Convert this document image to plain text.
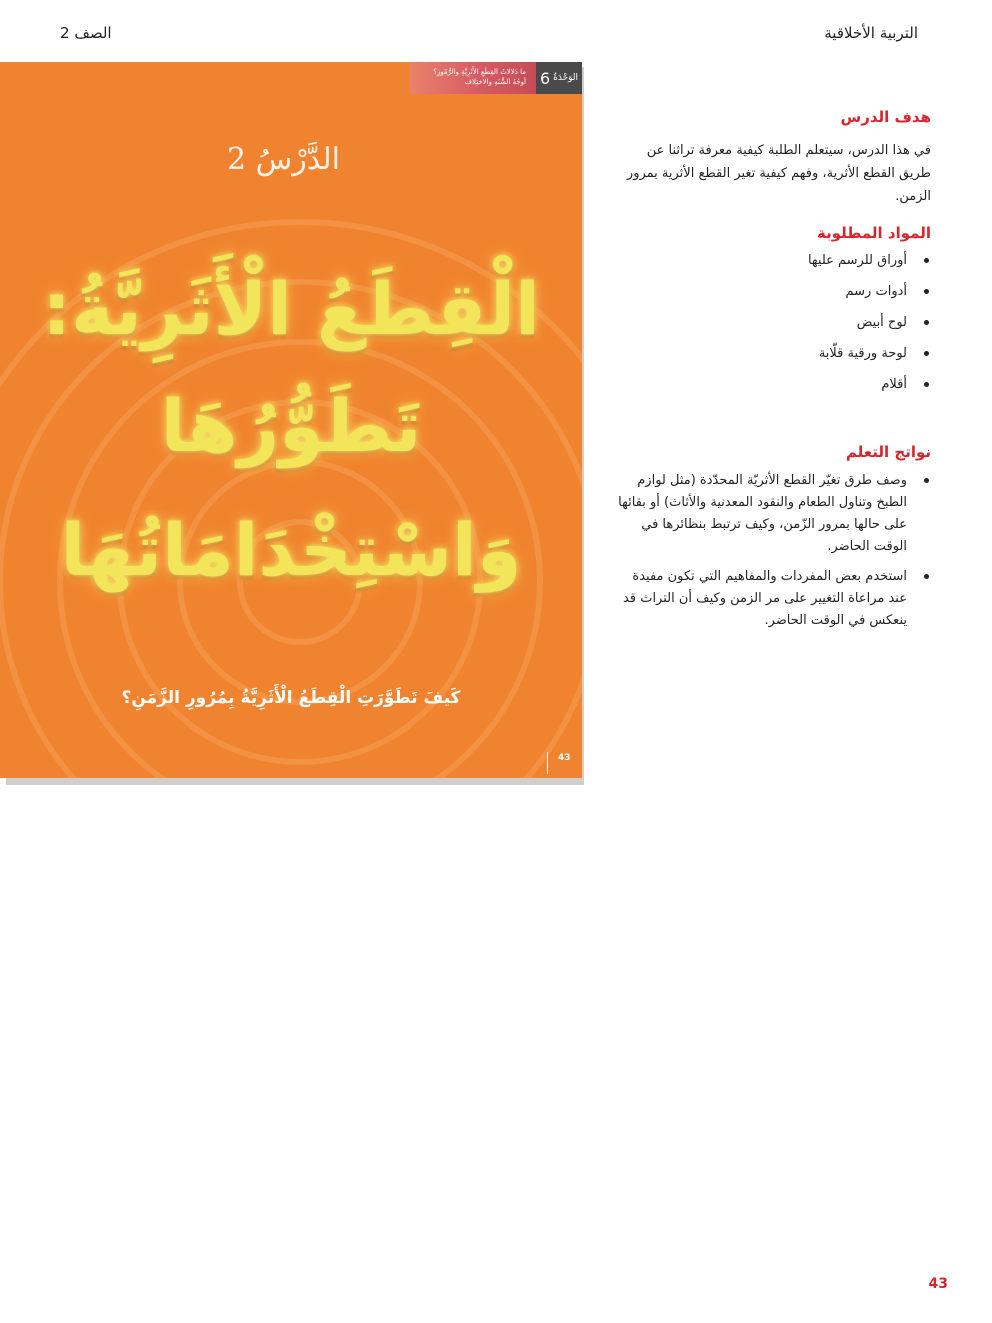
التربية الأخلاقية
الصف 2
ما دَلالاتُ القِطَعِ الأَثَرِيَّةِ والرُّمُوزِ؟
أوجُهُ الشَّبَهِ والاختِلاف	الوَحْدَةُ
6
الدَّرْسُ 2
الْقِطَعُ الْأَثَرِيَّةُ:
تَطَوُّرُهَا
وَاسْتِخْدَامَاتُهَا
كَيفَ تَطَوَّرَتِ الْقِطَعُ الْأَثَرِيَّةُ بِمُرُورِ الزَّمَنِ؟
43
هدف الدرس
في هذا الدرس، سيتعلم الطلبة كيفية معرفة تراثنا عن طريق القطع الأثرية، وفهم كيفية تغير القطع الأثرية بمرور الزمن.
المواد المطلوبة
أوراق للرسم عليها
أدوات رسم
لوح أبيض
لوحة ورقية قلّابة
أقلام
نواتج التعلم
وصف طرق تغيّر القطع الأثريّة المحدّدة (مثل لوازم الطبخ وتناول الطعام والنقود المعدنية والأثاث) أو بقائها على حالها بمرور الزّمن، وكيف ترتبط بنظائرها في الوقت الحاضر.
استخدم بعض المفردات والمفاهيم التي تكون مفيدة عند مراعاة التغيير على مر الزمن وكيف أن التراث قد ينعكس في الوقت الحاضر.
43
